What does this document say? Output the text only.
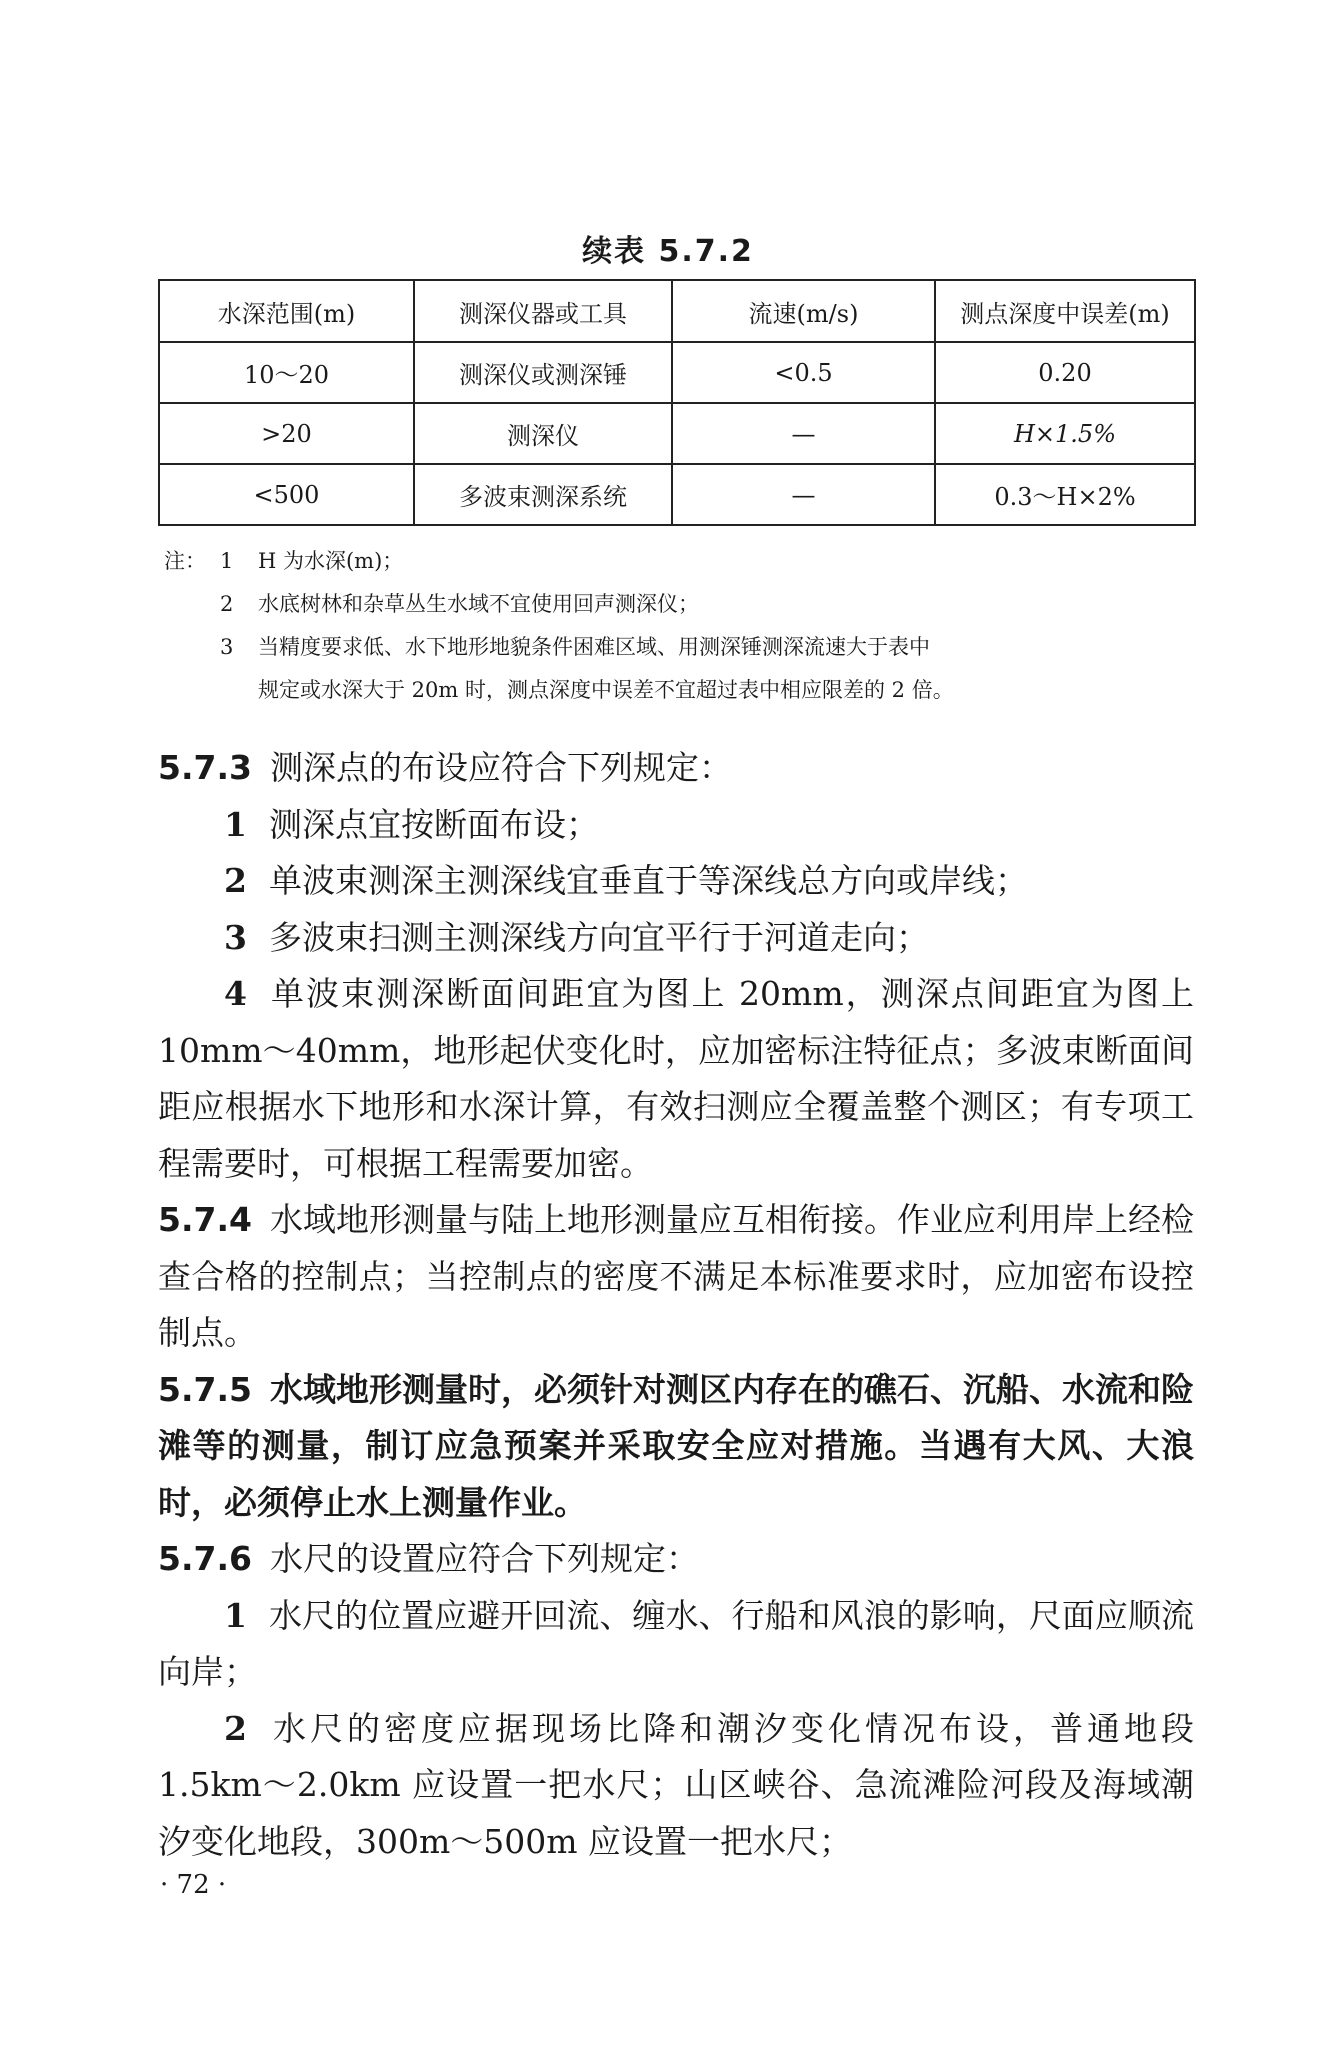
续表 5.7.2
水深范围(m)	测深仪器或工具	流速(m/s)	测点深度中误差(m)
10～20	测深仪或测深锤	<0.5	0.20
>20	测深仪	—	H×1.5%
<500	多波束测深系统	—	0.3～H×2%
注： 1 H 为水深(m)；
2 水底树林和杂草丛生水域不宜使用回声测深仪；
3 当精度要求低、水下地形地貌条件困难区域、用测深锤测深流速大于表中
规定或水深大于 20m 时，测点深度中误差不宜超过表中相应限差的 2 倍。

5.7.3 测深点的布设应符合下列规定：

1 测深点宜按断面布设；

2 单波束测深主测深线宜垂直于等深线总方向或岸线；

3 多波束扫测主测深线方向宜平行于河道走向；

4 单波束测深断面间距宜为图上 20mm，测深点间距宜为图上 10mm～40mm，地形起伏变化时，应加密标注特征点；多波束断面间距应根据水下地形和水深计算，有效扫测应全覆盖整个测区；有专项工程需要时，可根据工程需要加密。

5.7.4 水域地形测量与陆上地形测量应互相衔接。作业应利用岸上经检查合格的控制点；当控制点的密度不满足本标准要求时，应加密布设控制点。

5.7.5 水域地形测量时，必须针对测区内存在的礁石、沉船、水流和险滩等的测量，制订应急预案并采取安全应对措施。当遇有大风、大浪时，必须停止水上测量作业。

5.7.6 水尺的设置应符合下列规定：

1 水尺的位置应避开回流、缠水、行船和风浪的影响，尺面应顺流向岸；

2 水尺的密度应据现场比降和潮汐变化情况布设，普通地段 1.5km～2.0km 应设置一把水尺；山区峡谷、急流滩险河段及海域潮汐变化地段，300m～500m 应设置一把水尺；

· 72 ·
